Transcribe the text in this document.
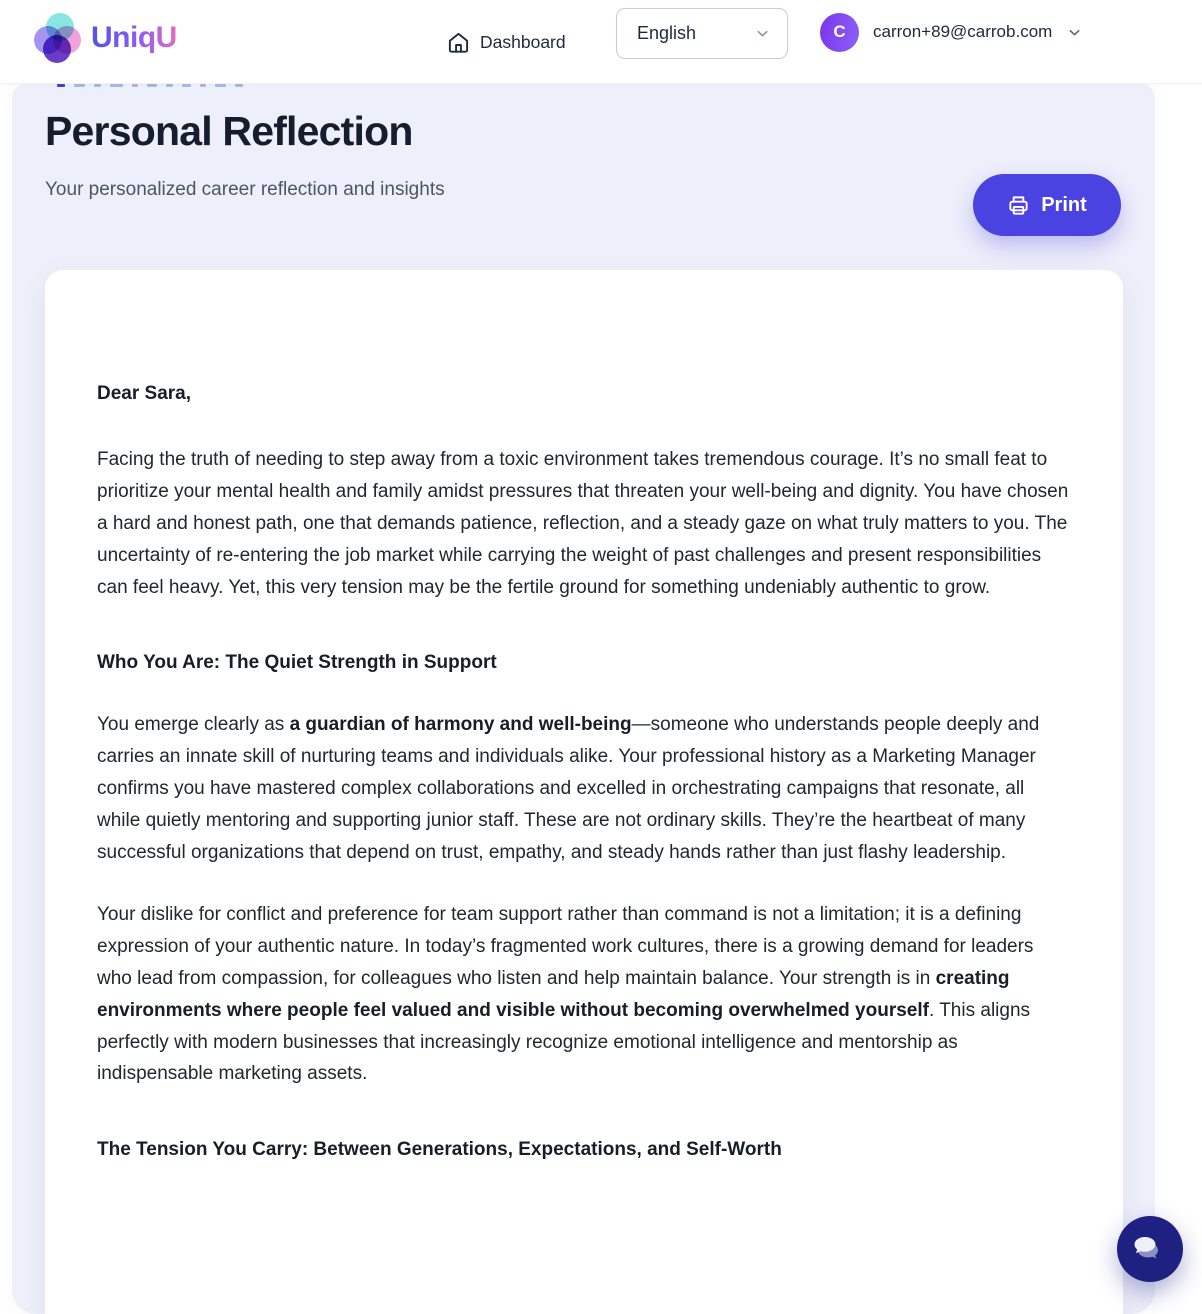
UniqU	Dashboard	English	C	carron+89@carrob.com
Personal Reflection

Your personalized career reflection and insights

Print

Dear Sara,

Facing the truth of needing to step away from a toxic environment takes tremendous courage. It’s no small feat to prioritize your mental health and family amidst pressures that threaten your well-being and dignity. You have chosen a hard and honest path, one that demands patience, reflection, and a steady gaze on what truly matters to you. The uncertainty of re-entering the job market while carrying the weight of past challenges and present responsibilities can feel heavy. Yet, this very tension may be the fertile ground for something undeniably authentic to grow.

Who You Are: The Quiet Strength in Support

You emerge clearly as a guardian of harmony and well-being—someone who understands people deeply and carries an innate skill of nurturing teams and individuals alike. Your professional history as a Marketing Manager confirms you have mastered complex collaborations and excelled in orchestrating campaigns that resonate, all while quietly mentoring and supporting junior staff. These are not ordinary skills. They’re the heartbeat of many successful organizations that depend on trust, empathy, and steady hands rather than just flashy leadership.

Your dislike for conflict and preference for team support rather than command is not a limitation; it is a defining expression of your authentic nature. In today’s fragmented work cultures, there is a growing demand for leaders who lead from compassion, for colleagues who listen and help maintain balance. Your strength is in creating environments where people feel valued and visible without becoming overwhelmed yourself. This aligns perfectly with modern businesses that increasingly recognize emotional intelligence and mentorship as indispensable marketing assets.

The Tension You Carry: Between Generations, Expectations, and Self-Worth
